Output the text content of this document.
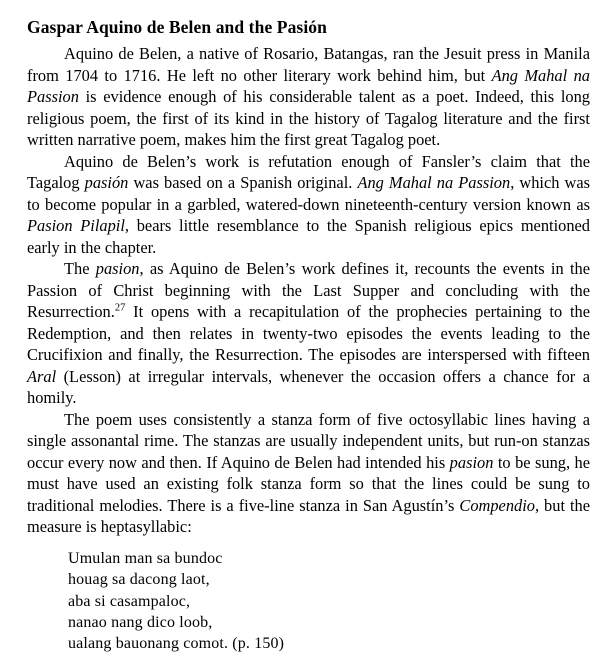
Gaspar Aquino de Belen and the Pasión

Aquino de Belen, a native of Rosario, Batangas, ran the Jesuit press in Manila from 1704 to 1716. He left no other literary work behind him, but Ang Mahal na Passion is evidence enough of his considerable talent as a poet. Indeed, this long religious poem, the first of its kind in the history of Tagalog literature and the first written narrative poem, makes him the first great Tagalog poet.

Aquino de Belen’s work is refutation enough of Fansler’s claim that the Tagalog pasión was based on a Spanish original. Ang Mahal na Passion, which was to become popular in a garbled, watered-down nineteenth-century version known as Pasion Pilapil, bears little resemblance to the Spanish religious epics mentioned early in the chapter.

The pasion, as Aquino de Belen’s work defines it, recounts the events in the Passion of Christ beginning with the Last Supper and concluding with the Resurrection.$^{27}$ It opens with a recapitulation of the prophecies pertaining to the Redemption, and then relates in twenty-two episodes the events leading to the Crucifixion and finally, the Resurrection. The episodes are interspersed with fifteen Aral (Lesson) at irregular intervals, whenever the occasion offers a chance for a homily.

The poem uses consistently a stanza form of five octosyllabic lines having a single assonantal rime. The stanzas are usually independent units, but run-on stanzas occur every now and then. If Aquino de Belen had intended his pasion to be sung, he must have used an existing folk stanza form so that the lines could be sung to traditional melodies. There is a five-line stanza in San Agustín’s Compendio, but the measure is heptasyllabic:

Umulan man sa bundoc
houag sa dacong laot,
aba si casampaloc,
nanao nang dico loob,
ualang bauonang comot. (p. 150)
